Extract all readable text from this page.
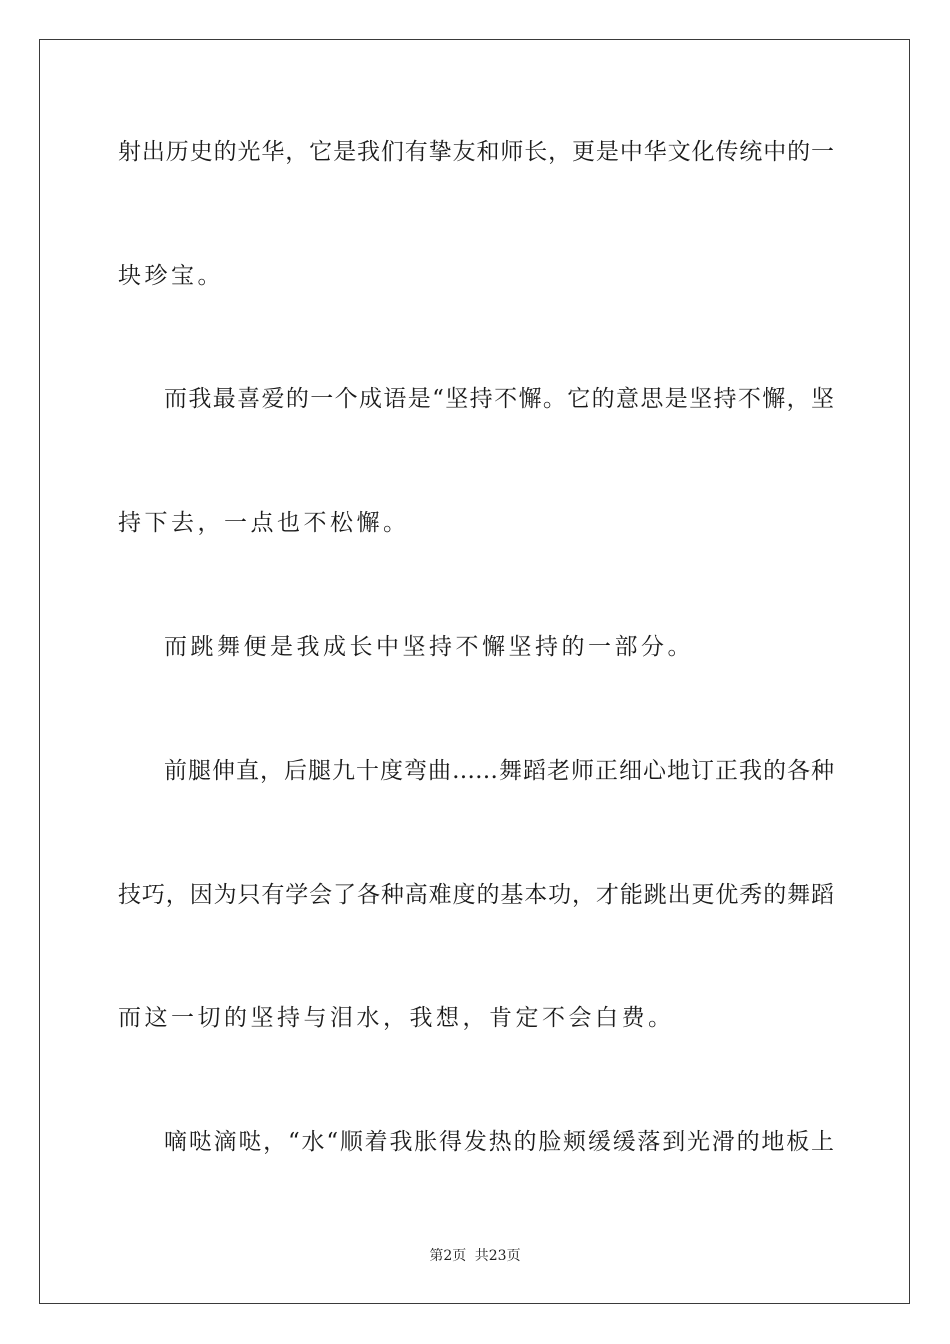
射出历史的光华，它是我们有挚友和师长，更是中华文化传统中的一
块珍宝。
而我最喜爱的一个成语是“坚持不懈。它的意思是坚持不懈，坚
持下去，一点也不松懈。
而跳舞便是我成长中坚持不懈坚持的一部分。
前腿伸直，后腿九十度弯曲……舞蹈老师正细心地订正我的各种
技巧，因为只有学会了各种高难度的基本功，才能跳出更优秀的舞蹈
而这一切的坚持与泪水，我想，肯定不会白费。
嘀哒滴哒，“水“顺着我胀得发热的脸颊缓缓落到光滑的地板上
第2页 共23页
